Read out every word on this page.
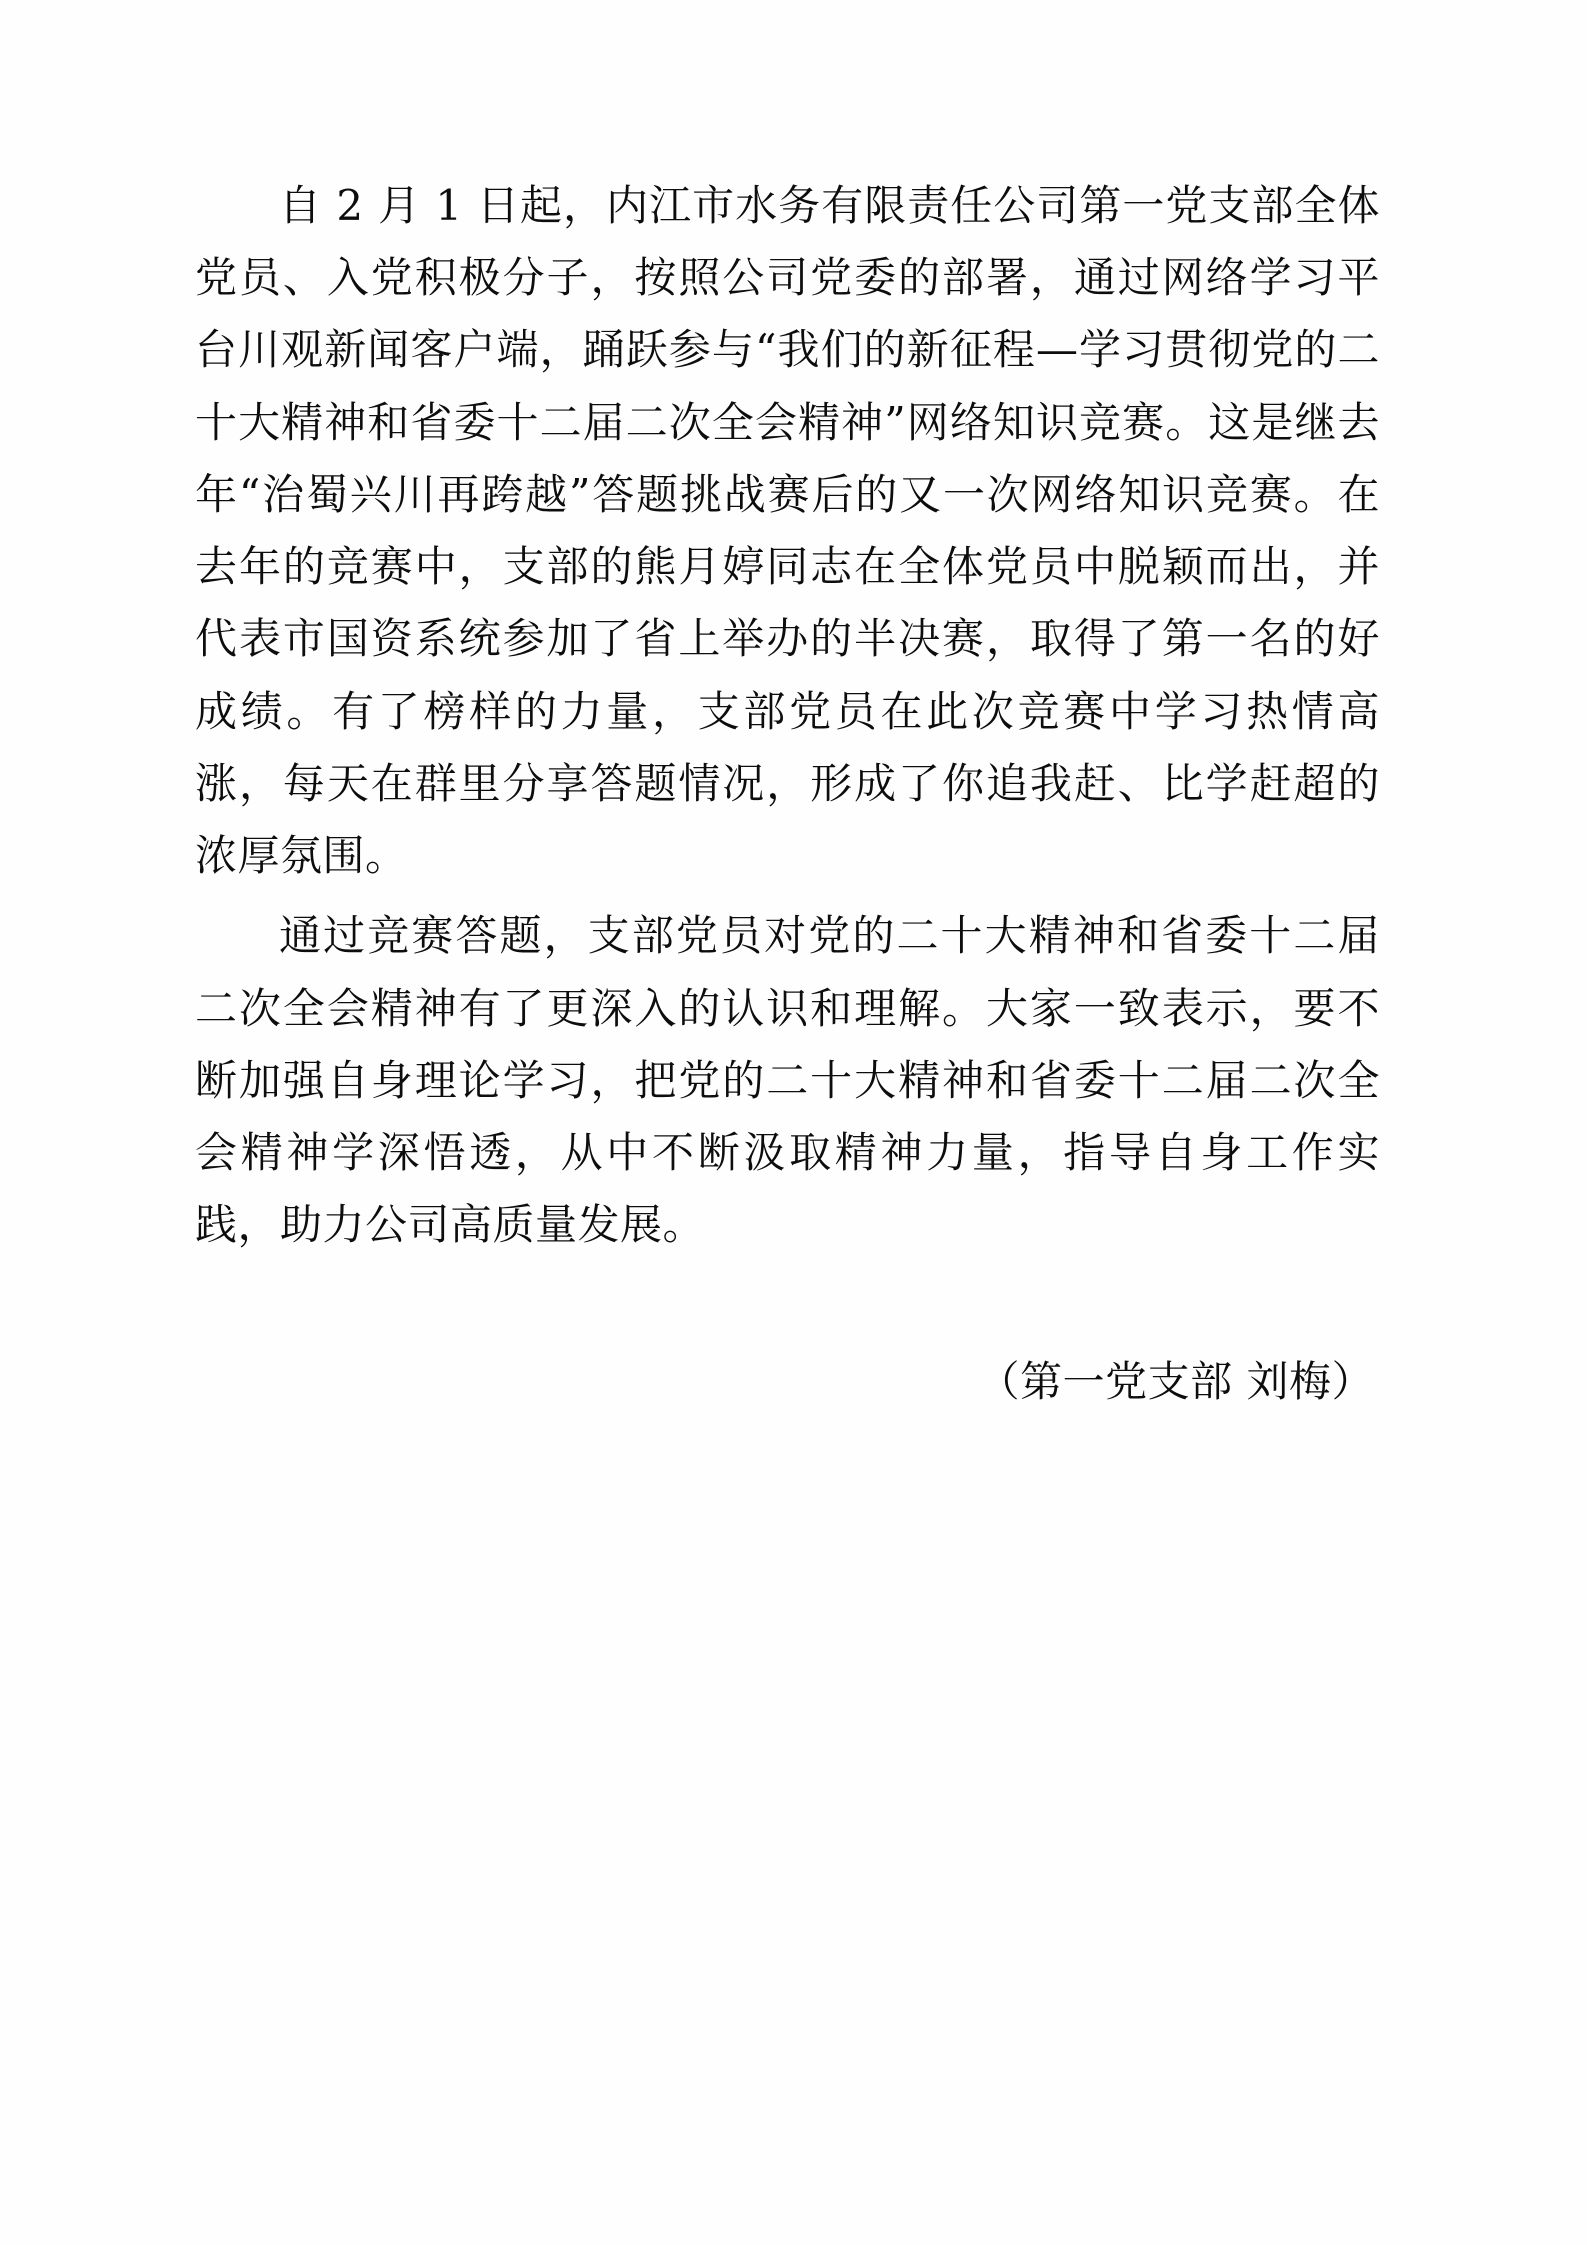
自 2 月 1 日起，内江市水务有限责任公司第一党支部全体党员、入党积极分子，按照公司党委的部署，通过网络学习平台川观新闻客户端，踊跃参与“我们的新征程—学习贯彻党的二十大精神和省委十二届二次全会精神”网络知识竞赛。这是继去年“治蜀兴川再跨越”答题挑战赛后的又一次网络知识竞赛。在去年的竞赛中，支部的熊月婷同志在全体党员中脱颖而出，并代表市国资系统参加了省上举办的半决赛，取得了第一名的好成绩。有了榜样的力量，支部党员在此次竞赛中学习热情高涨，每天在群里分享答题情况，形成了你追我赶、比学赶超的浓厚氛围。

通过竞赛答题，支部党员对党的二十大精神和省委十二届二次全会精神有了更深入的认识和理解。大家一致表示，要不断加强自身理论学习，把党的二十大精神和省委十二届二次全会精神学深悟透，从中不断汲取精神力量，指导自身工作实践，助力公司高质量发展。

（第一党支部 刘梅）
